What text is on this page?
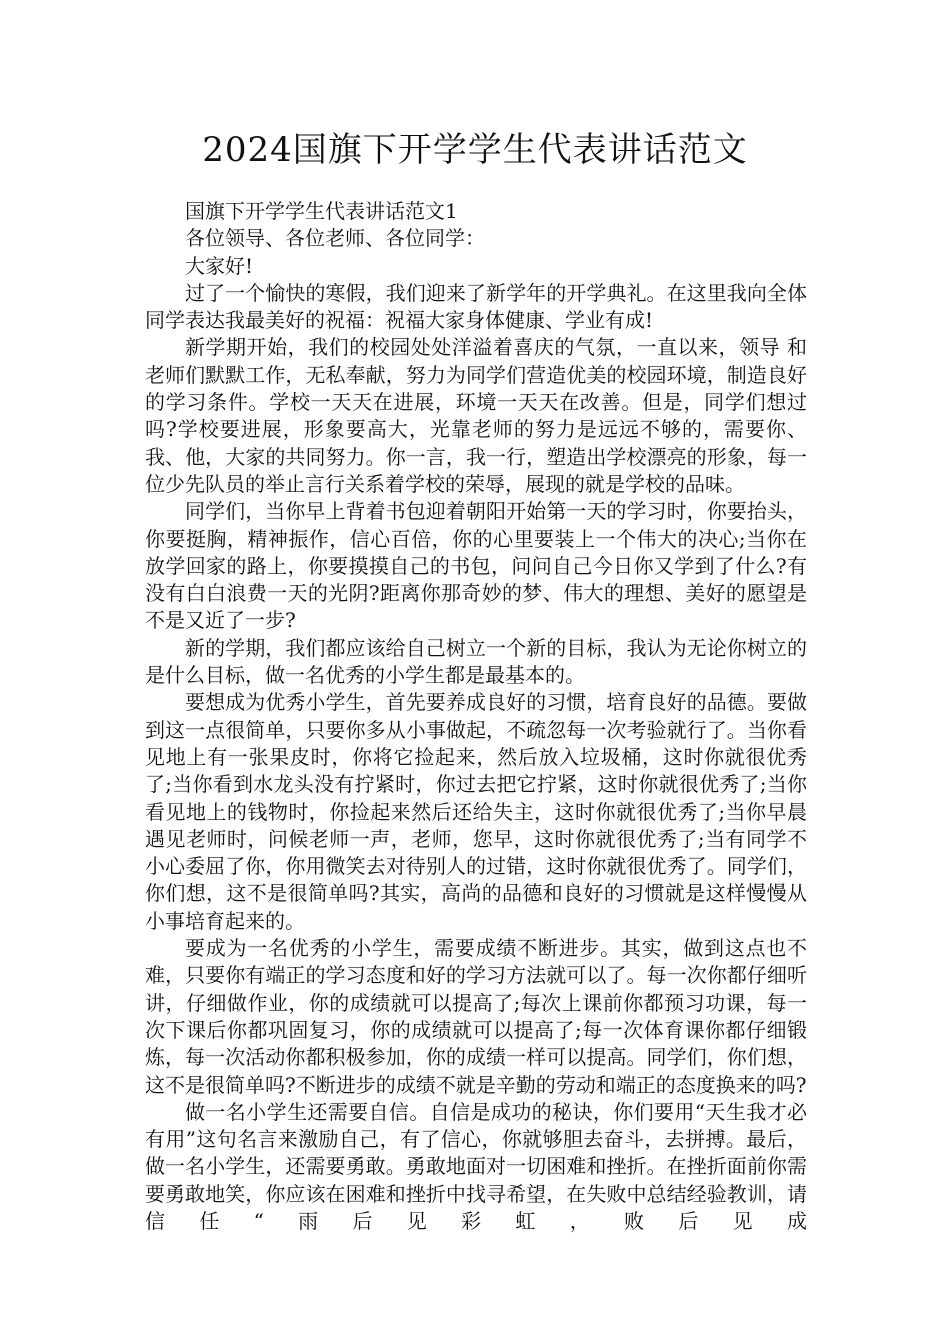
2024国旗下开学学生代表讲话范文

国旗下开学学生代表讲话范文1

各位领导、各位老师、各位同学：

大家好!

过了一个愉快的寒假，我们迎来了新学年的开学典礼。在这里我向全体同学表达我最美好的祝福：祝福大家身体健康、学业有成!

新学期开始，我们的校园处处洋溢着喜庆的气氛，一直以来，领导 和老师们默默工作，无私奉献，努力为同学们营造优美的校园环境，制造良好的学习条件。学校一天天在进展，环境一天天在改善。但是，同学们想过吗?学校要进展，形象要高大，光靠老师的努力是远远不够的，需要你、我、他，大家的共同努力。你一言，我一行，塑造出学校漂亮的形象，每一位少先队员的举止言行关系着学校的荣辱，展现的就是学校的品味。

同学们，当你早上背着书包迎着朝阳开始第一天的学习时，你要抬头，你要挺胸，精神振作，信心百倍，你的心里要装上一个伟大的决心;当你在放学回家的路上，你要摸摸自己的书包，问问自己今日你又学到了什么?有没有白白浪费一天的光阴?距离你那奇妙的梦、伟大的理想、美好的愿望是不是又近了一步?

新的学期，我们都应该给自己树立一个新的目标，我认为无论你树立的是什么目标，做一名优秀的小学生都是最基本的。

要想成为优秀小学生，首先要养成良好的习惯，培育良好的品德。要做到这一点很简单，只要你多从小事做起，不疏忽每一次考验就行了。当你看见地上有一张果皮时，你将它捡起来，然后放入垃圾桶，这时你就很优秀了;当你看到水龙头没有拧紧时，你过去把它拧紧，这时你就很优秀了;当你看见地上的钱物时，你捡起来然后还给失主，这时你就很优秀了;当你早晨遇见老师时，问候老师一声，老师，您早，这时你就很优秀了;当有同学不小心委屈了你，你用微笑去对待别人的过错，这时你就很优秀了。同学们，你们想，这不是很简单吗?其实，高尚的品德和良好的习惯就是这样慢慢从小事培育起来的。

要成为一名优秀的小学生，需要成绩不断进步。其实，做到这点也不难，只要你有端正的学习态度和好的学习方法就可以了。每一次你都仔细听讲，仔细做作业，你的成绩就可以提高了;每次上课前你都预习功课，每一次下课后你都巩固复习，你的成绩就可以提高了;每一次体育课你都仔细锻炼，每一次活动你都积极参加，你的成绩一样可以提高。同学们，你们想，这不是很简单吗?不断进步的成绩不就是辛勤的劳动和端正的态度换来的吗?

做一名小学生还需要自信。自信是成功的秘诀，你们要用“天生我才必有用”这句名言来激励自己，有了信心，你就够胆去奋斗，去拼搏。最后，做一名小学生，还需要勇敢。勇敢地面对一切困难和挫折。在挫折面前你需要勇敢地笑，你应该在困难和挫折中找寻希望，在失败中总结经验教训，请信任“雨后见彩虹，败后见成
